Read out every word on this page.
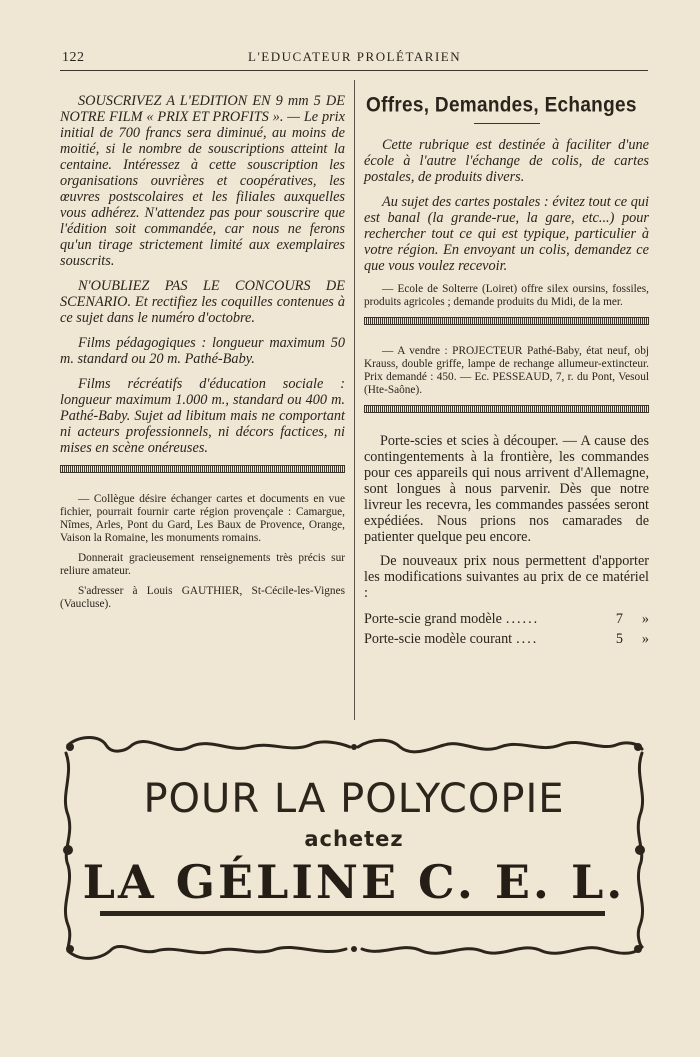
122	L'EDUCATEUR PROLÉTARIEN

SOUSCRIVEZ A L'EDITION EN 9 mm 5 DE NOTRE FILM « PRIX ET PROFITS ». — Le prix initial de 700 francs sera diminué, au moins de moitié, si le nombre de souscriptions atteint la centaine. Intéressez à cette souscription les organisations ouvrières et coopératives, les œuvres postscolaires et les filiales auxquelles vous adhérez. N'attendez pas pour souscrire que l'édition soit commandée, car nous ne ferons qu'un tirage strictement limité aux exemplaires souscrits.

N'OUBLIEZ PAS LE CONCOURS DE SCENARIO. Et rectifiez les coquilles contenues à ce sujet dans le numéro d'octobre.

Films pédagogiques : longueur maximum 50 m. standard ou 20 m. Pathé-Baby.

Films récréatifs d'éducation sociale : longueur maximum 1.000 m., standard ou 400 m. Pathé-Baby. Sujet ad libitum mais ne comportant ni acteurs professionnels, ni décors factices, ni mises en scène onéreuses.

— Collègue désire échanger cartes et documents en vue fichier, pourrait fournir carte région provençale : Camargue, Nîmes, Arles, Pont du Gard, Les Baux de Provence, Orange, Vaison la Romaine, les monuments romains.

Donnerait gracieusement renseignements très précis sur reliure amateur.

S'adresser à Louis GAUTHIER, St-Cécile-les-Vignes (Vaucluse).

Offres, Demandes, Echanges

Cette rubrique est destinée à faciliter d'une école à l'autre l'échange de colis, de cartes postales, de produits divers.

Au sujet des cartes postales : évitez tout ce qui est banal (la grande-rue, la gare, etc...) pour rechercher tout ce qui est typique, particulier à votre région. En envoyant un colis, demandez ce que vous voulez recevoir.

— Ecole de Solterre (Loiret) offre silex oursins, fossiles, produits agricoles ; demande produits du Midi, de la mer.

— A vendre : PROJECTEUR Pathé-Baby, état neuf, obj Krauss, double griffe, lampe de rechange allumeur-extincteur. Prix demandé : 450. — Ec. PESSEAUD, 7, r. du Pont, Vesoul (Hte-Saône).

Porte-scies et scies à découper. — A cause des contingentements à la frontière, les commandes pour ces appareils qui nous arrivent d'Allemagne, sont longues à nous parvenir. Dès que notre livreur les recevra, les commandes passées seront expédiées. Nous prions nos camarades de patienter quelque peu encore.

De nouveaux prix nous permettent d'apporter les modifications suivantes au prix de ce matériel :

Porte-scie grand modèle ......	7	»
Porte-scie modèle courant ....	5	»
POUR LA POLYCOPIE
achetez
LA GÉLINE C. E. L.
